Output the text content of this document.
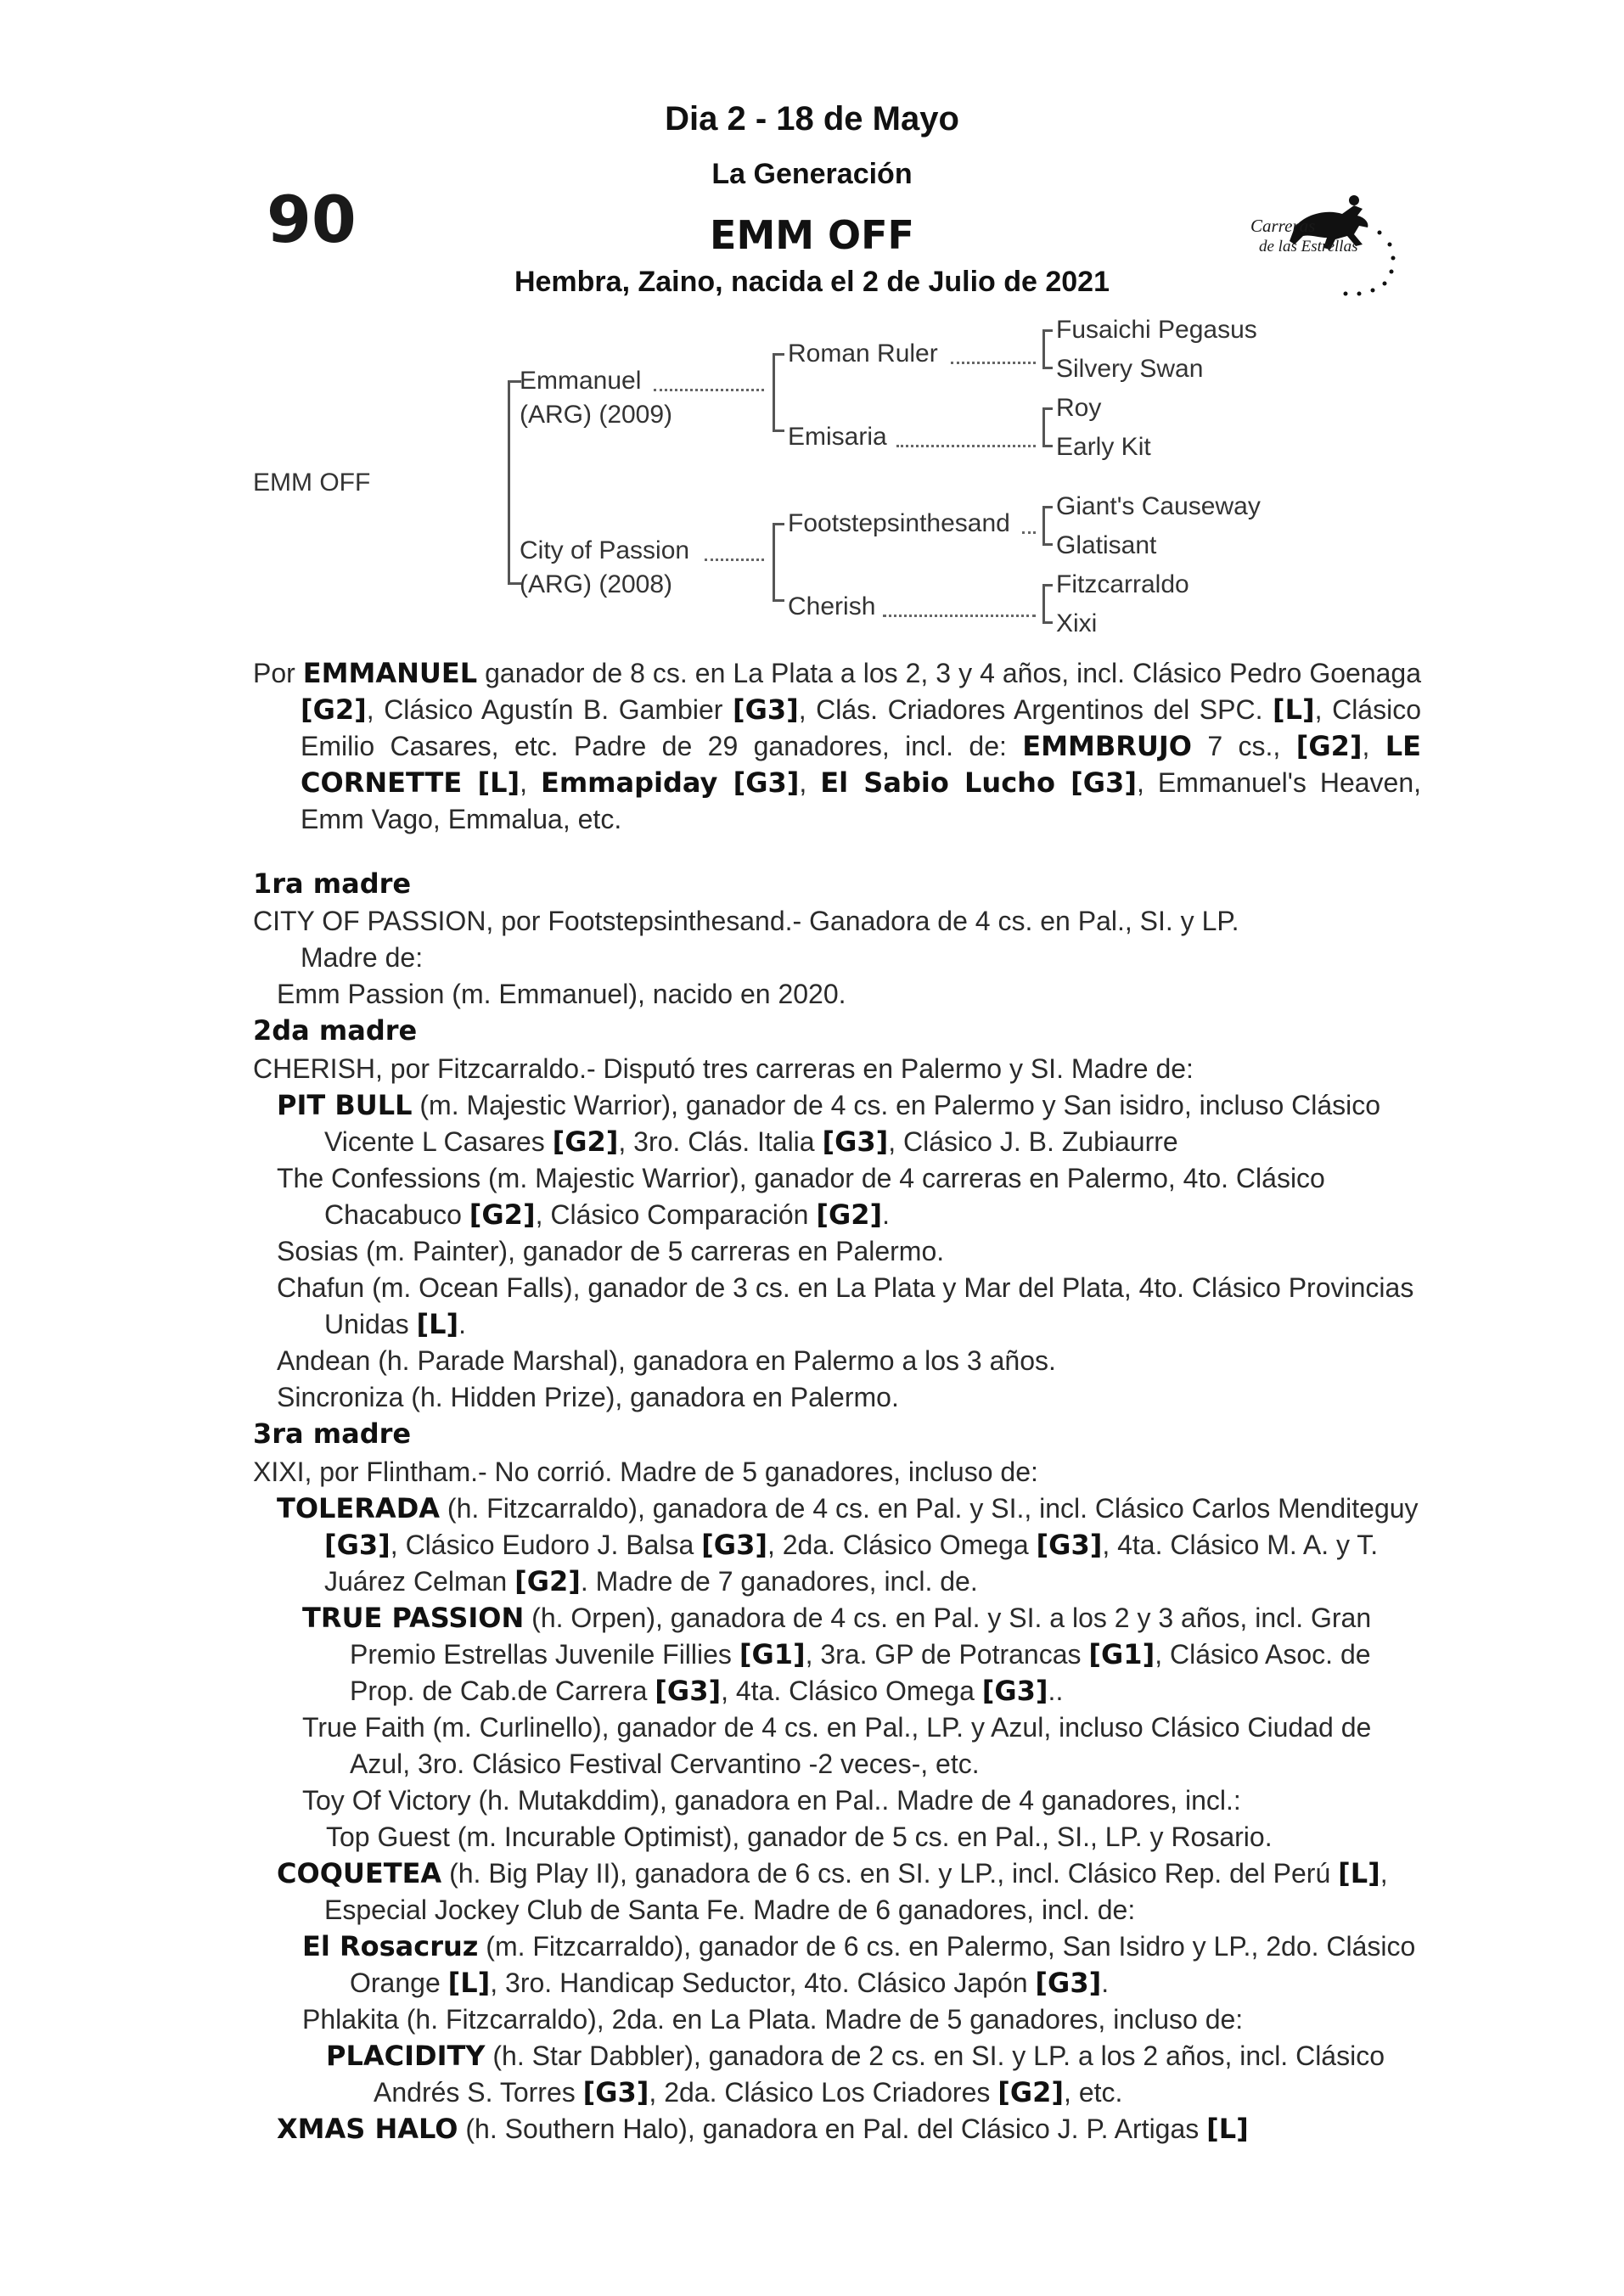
Dia 2 - 18 de Mayo
La Generación
90	EMM OFF
Hembra, Zaino, nacida el 2 de Julio de 2021
Carreras
de las Estrellas
EMM OFF
Emmanuel
(ARG) (2009)
City of Passion
(ARG) (2008)
Roman Ruler
Emisaria
Footstepsinthesand
Cherish
Fusaichi Pegasus
Silvery Swan
Roy
Early Kit
Giant's Causeway
Glatisant
Fitzcarraldo
Xixi
Por EMMANUEL ganador de 8 cs. en La Plata a los 2, 3 y 4 años, incl. Clásico Pedro Goenaga [G2], Clásico Agustín B. Gambier [G3], Clás. Criadores Argentinos del SPC. [L], Clásico Emilio Casares, etc. Padre de 29 ganadores, incl. de: EMMBRUJO 7 cs., [G2], LE CORNETTE [L], Emmapiday [G3], El Sabio Lucho [G3], Emmanuel's Heaven, Emm Vago, Emmalua, etc.
1ra madre
CITY OF PASSION, por Footstepsinthesand.- Ganadora de 4 cs. en Pal., SI. y LP.
Madre de:
Emm Passion (m. Emmanuel), nacido en 2020.
2da madre
CHERISH, por Fitzcarraldo.- Disputó tres carreras en Palermo y SI. Madre de:
PIT BULL (m. Majestic Warrior), ganador de 4 cs. en Palermo y San isidro, incluso Clásico Vicente L Casares [G2], 3ro. Clás. Italia [G3], Clásico J. B. Zubiaurre
The Confessions (m. Majestic Warrior), ganador de 4 carreras en Palermo, 4to. Clásico Chacabuco [G2], Clásico Comparación [G2].
Sosias (m. Painter), ganador de 5 carreras en Palermo.
Chafun (m. Ocean Falls), ganador de 3 cs. en La Plata y Mar del Plata, 4to. Clásico Provincias Unidas [L].
Andean (h. Parade Marshal), ganadora en Palermo a los 3 años.
Sincroniza (h. Hidden Prize), ganadora en Palermo.
3ra madre
XIXI, por Flintham.- No corrió. Madre de 5 ganadores, incluso de:
TOLERADA (h. Fitzcarraldo), ganadora de 4 cs. en Pal. y SI., incl. Clásico Carlos Menditeguy [G3], Clásico Eudoro J. Balsa [G3], 2da. Clásico Omega [G3], 4ta. Clásico M. A. y T. Juárez Celman [G2]. Madre de 7 ganadores, incl. de.
TRUE PASSION (h. Orpen), ganadora de 4 cs. en Pal. y SI. a los 2 y 3 años, incl. Gran Premio Estrellas Juvenile Fillies [G1], 3ra. GP de Potrancas [G1], Clásico Asoc. de Prop. de Cab.de Carrera [G3], 4ta. Clásico Omega [G3]..
True Faith (m. Curlinello), ganador de 4 cs. en Pal., LP. y Azul, incluso Clásico Ciudad de Azul, 3ro. Clásico Festival Cervantino -2 veces-, etc.
Toy Of Victory (h. Mutakddim), ganadora en Pal.. Madre de 4 ganadores, incl.:
Top Guest (m. Incurable Optimist), ganador de 5 cs. en Pal., SI., LP. y Rosario.
COQUETEA (h. Big Play II), ganadora de 6 cs. en SI. y LP., incl. Clásico Rep. del Perú [L], Especial Jockey Club de Santa Fe. Madre de 6 ganadores, incl. de:
El Rosacruz (m. Fitzcarraldo), ganador de 6 cs. en Palermo, San Isidro y LP., 2do. Clásico Orange [L], 3ro. Handicap Seductor, 4to. Clásico Japón [G3].
Phlakita (h. Fitzcarraldo), 2da. en La Plata. Madre de 5 ganadores, incluso de:
PLACIDITY (h. Star Dabbler), ganadora de 2 cs. en SI. y LP. a los 2 años, incl. Clásico Andrés S. Torres [G3], 2da. Clásico Los Criadores [G2], etc.
XMAS HALO (h. Southern Halo), ganadora en Pal. del Clásico J. P. Artigas [L]
